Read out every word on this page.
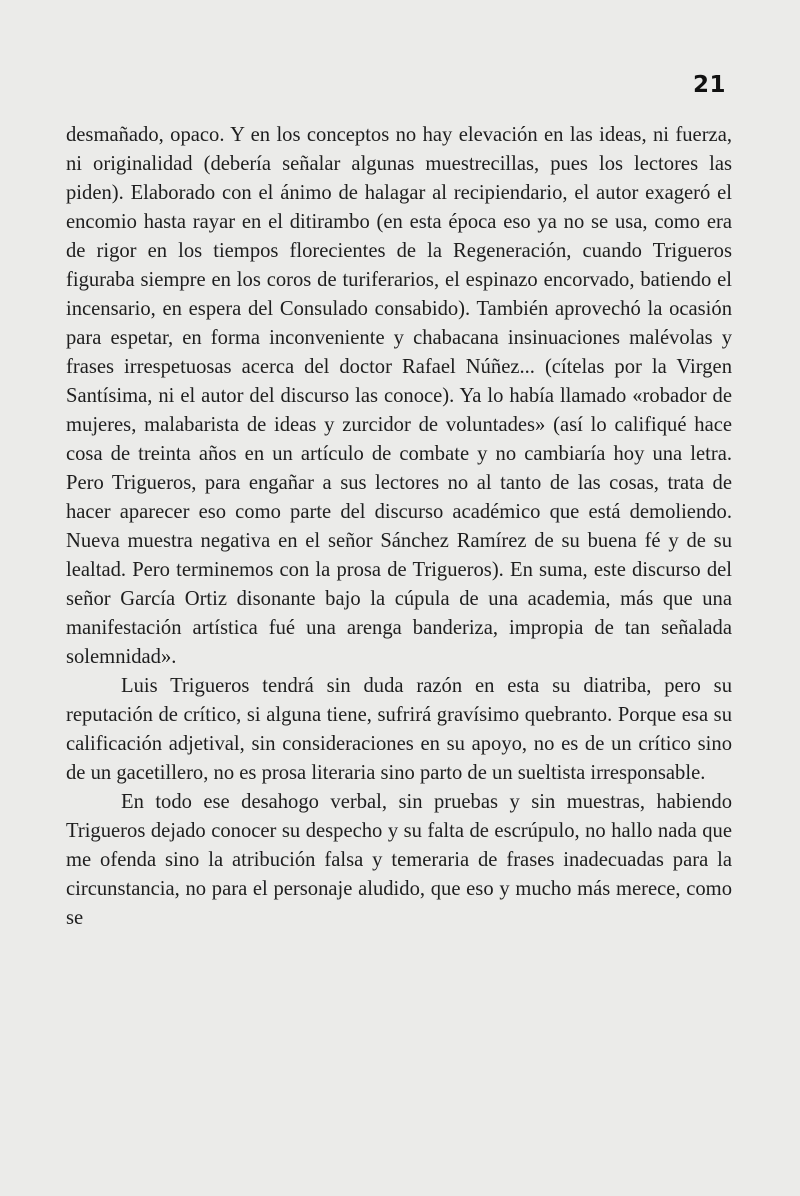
21

desmañado, opaco. Y en los conceptos no hay elevación en las ideas, ni fuerza, ni originalidad (debería señalar algunas muestrecillas, pues los lectores las piden). Elaborado con el ánimo de halagar al recipiendario, el autor exageró el encomio hasta rayar en el ditirambo (en esta época eso ya no se usa, como era de rigor en los tiempos florecientes de la Regeneración, cuando Trigueros figuraba siempre en los coros de turiferarios, el espinazo encorvado, batiendo el incensario, en espera del Consulado consabido). También aprovechó la ocasión para espetar, en forma inconveniente y chabacana insinuaciones malévolas y frases irrespetuosas acerca del doctor Rafael Núñez... (cítelas por la Virgen Santísima, ni el autor del discurso las conoce). Ya lo había llamado «robador de mujeres, malabarista de ideas y zurcidor de voluntades» (así lo califiqué hace cosa de treinta años en un artículo de combate y no cambiaría hoy una letra. Pero Trigueros, para engañar a sus lectores no al tanto de las cosas, trata de hacer aparecer eso como parte del discurso académico que está demoliendo. Nueva muestra negativa en el señor Sánchez Ramírez de su buena fé y de su lealtad. Pero terminemos con la prosa de Trigueros). En suma, este discurso del señor García Ortiz disonante bajo la cúpula de una academia, más que una manifestación artística fué una arenga banderiza, impropia de tan señalada solemnidad».

Luis Trigueros tendrá sin duda razón en esta su diatriba, pero su reputación de crítico, si alguna tiene, sufrirá gravísimo quebranto. Porque esa su calificación adjetival, sin consideraciones en su apoyo, no es de un crítico sino de un gacetillero, no es prosa literaria sino parto de un sueltista irresponsable.

En todo ese desahogo verbal, sin pruebas y sin muestras, habiendo Trigueros dejado conocer su despecho y su falta de escrúpulo, no hallo nada que me ofenda sino la atribución falsa y temeraria de frases inadecuadas para la circunstancia, no para el personaje aludido, que eso y mucho más merece, como se
